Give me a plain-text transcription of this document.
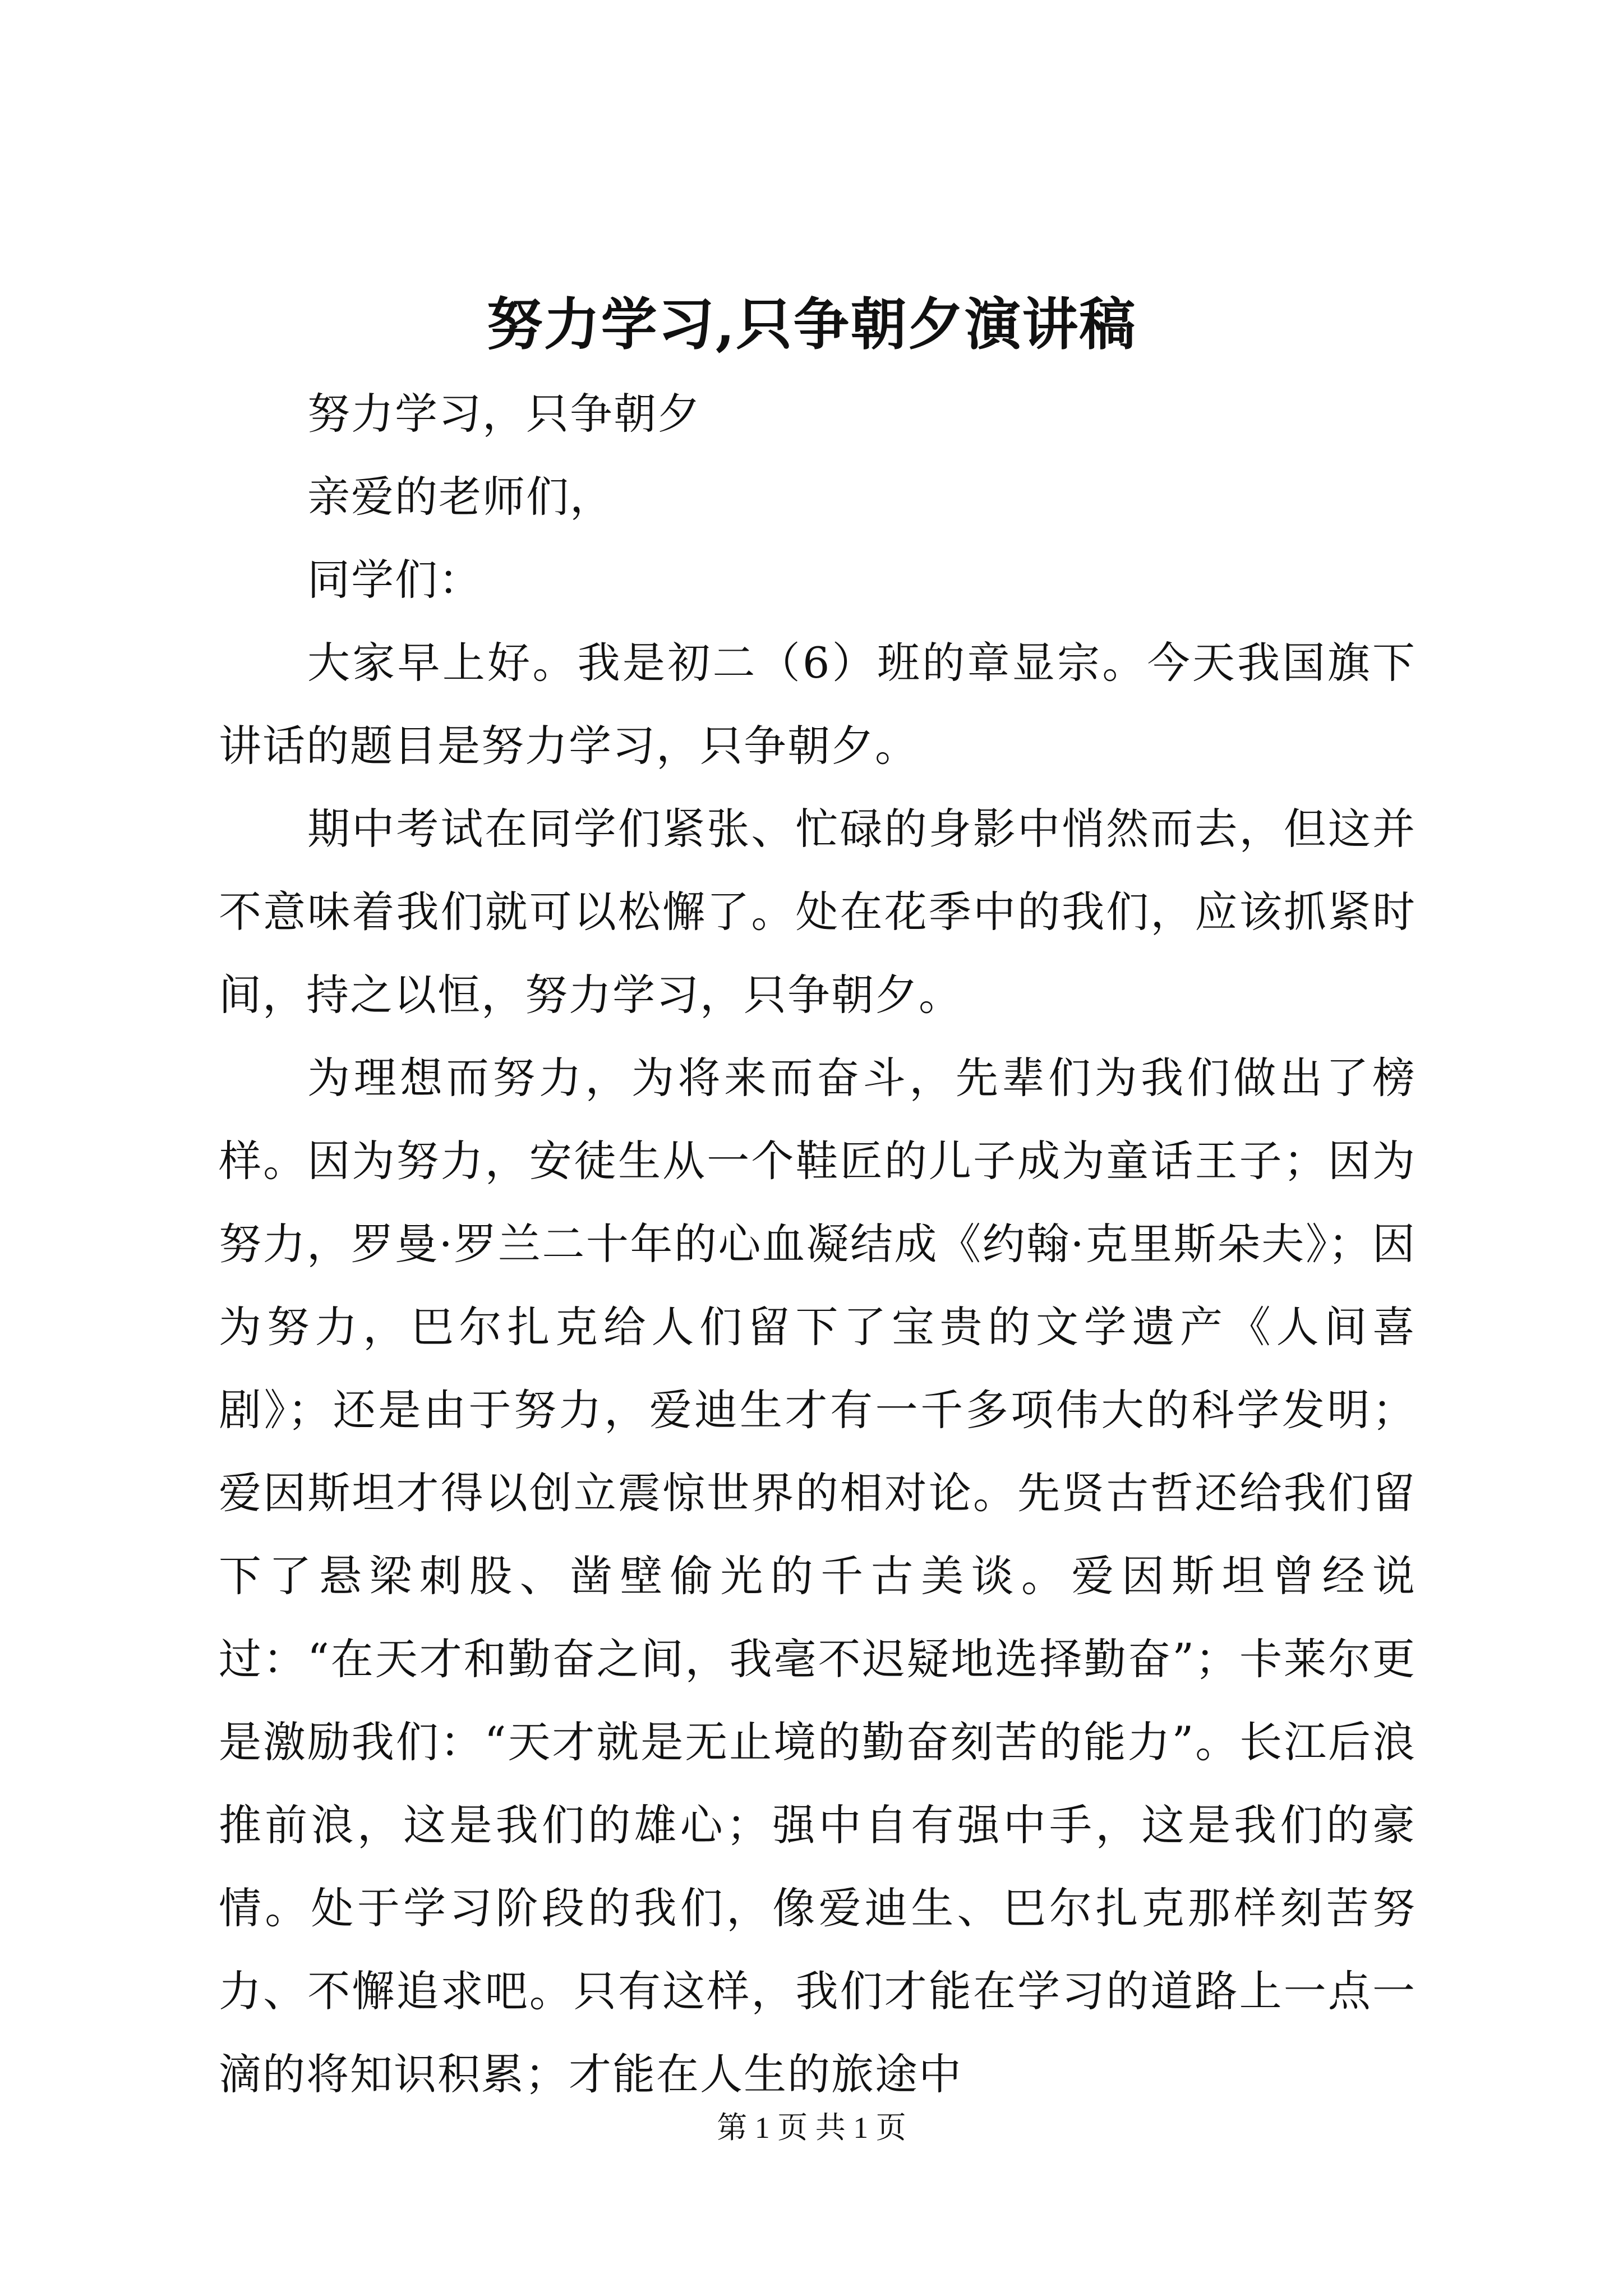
努力学习,只争朝夕演讲稿

努力学习，只争朝夕

亲爱的老师们，

同学们：

大家早上好。我是初二（6）班的章显宗。今天我国旗下讲话的题目是努力学习，只争朝夕。

期中考试在同学们紧张、忙碌的身影中悄然而去，但这并不意味着我们就可以松懈了。处在花季中的我们，应该抓紧时间，持之以恒，努力学习，只争朝夕。

为理想而努力，为将来而奋斗，先辈们为我们做出了榜样。因为努力，安徒生从一个鞋匠的儿子成为童话王子；因为努力，罗曼·罗兰二十年的心血凝结成《约翰·克里斯朵夫》；因为努力，巴尔扎克给人们留下了宝贵的文学遗产《人间喜剧》；还是由于努力，爱迪生才有一千多项伟大的科学发明；爱因斯坦才得以创立震惊世界的相对论。先贤古哲还给我们留下了悬梁刺股、凿壁偷光的千古美谈。爱因斯坦曾经说过：“在天才和勤奋之间，我毫不迟疑地选择勤奋”；卡莱尔更是激励我们：“天才就是无止境的勤奋刻苦的能力”。长江后浪推前浪，这是我们的雄心；强中自有强中手，这是我们的豪情。处于学习阶段的我们，像爱迪生、巴尔扎克那样刻苦努力、不懈追求吧。只有这样，我们才能在学习的道路上一点一滴的将知识积累；才能在人生的旅途中

第 1 页 共 1 页
